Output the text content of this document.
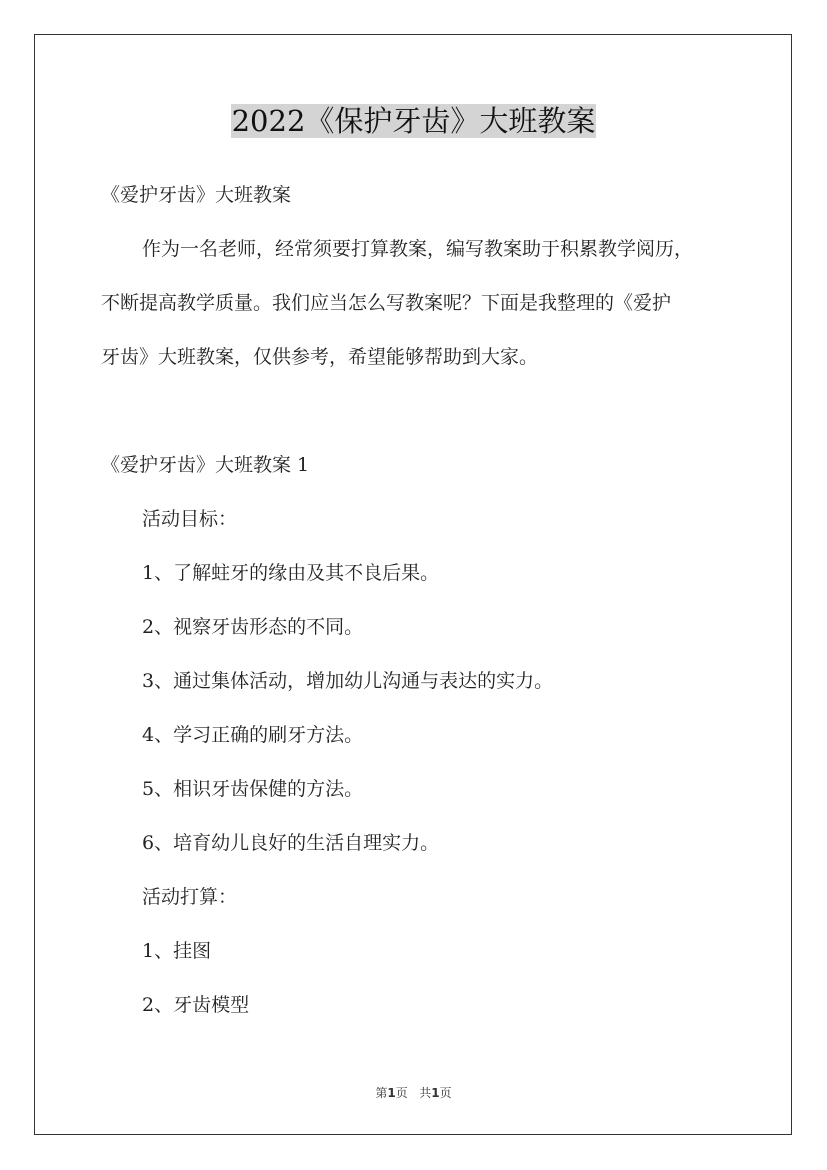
2022《保护牙齿》大班教案
《爱护牙齿》大班教案
作为一名老师，经常须要打算教案，编写教案助于积累教学阅历，
不断提高教学质量。我们应当怎么写教案呢？下面是我整理的《爱护
牙齿》大班教案，仅供参考，希望能够帮助到大家。
《爱护牙齿》大班教案 1
活动目标：
1、了解蛀牙的缘由及其不良后果。
2、视察牙齿形态的不同。
3、通过集体活动，增加幼儿沟通与表达的实力。
4、学习正确的刷牙方法。
5、相识牙齿保健的方法。
6、培育幼儿良好的生活自理实力。
活动打算：
1、挂图
2、牙齿模型
第1页 共1页
